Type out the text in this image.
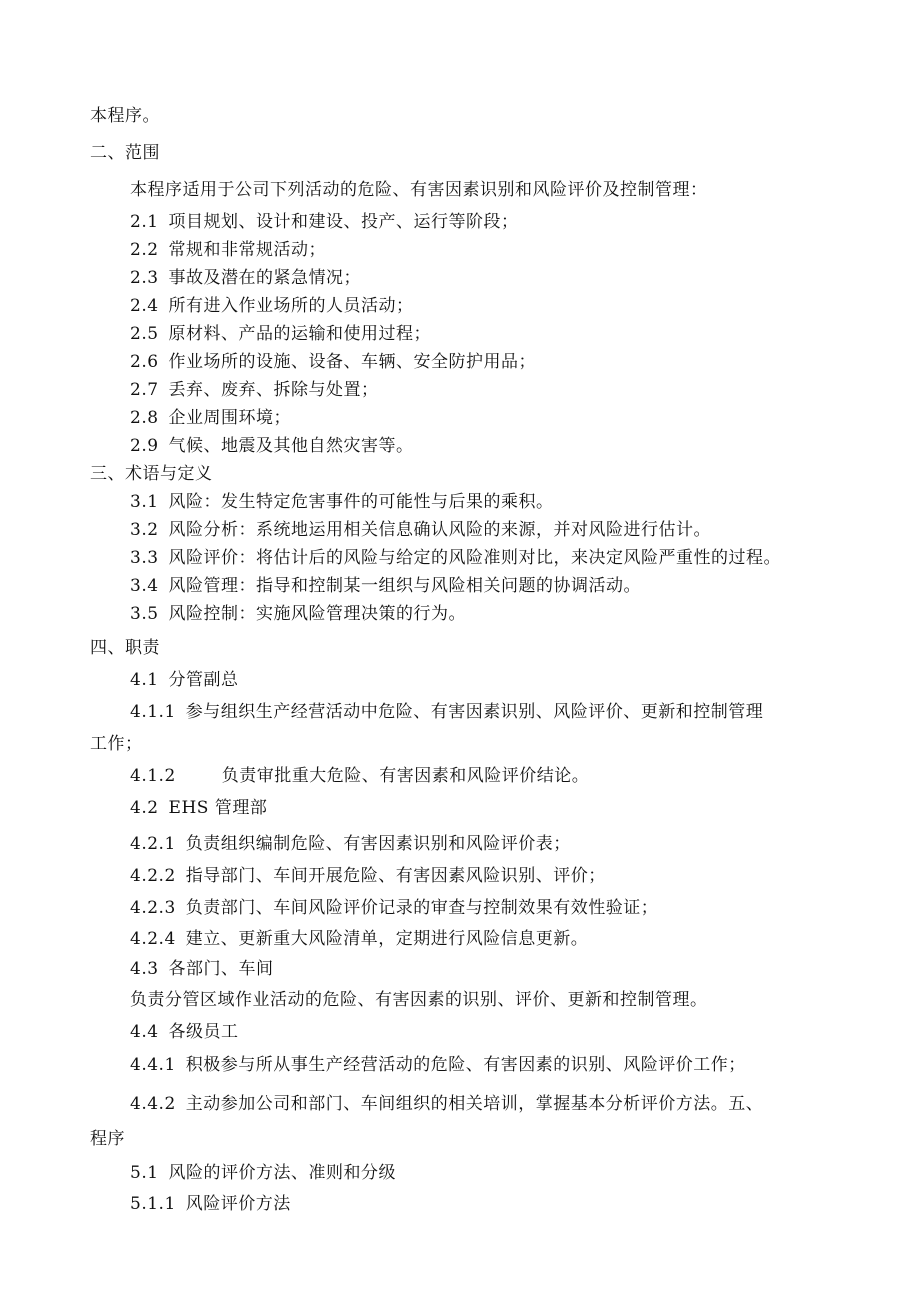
本程序。
二、范围
本程序适用于公司下列活动的危险、有害因素识别和风险评价及控制管理：
2.1 项目规划、设计和建设、投产、运行等阶段；
2.2 常规和非常规活动；
2.3 事故及潜在的紧急情况；
2.4 所有进入作业场所的人员活动；
2.5 原材料、产品的运输和使用过程；
2.6 作业场所的设施、设备、车辆、安全防护用品；
2.7 丢弃、废弃、拆除与处置；
2.8 企业周围环境；
2.9 气候、地震及其他自然灾害等。
三、术语与定义
3.1 风险：发生特定危害事件的可能性与后果的乘积。
3.2 风险分析：系统地运用相关信息确认风险的来源，并对风险进行估计。
3.3 风险评价：将估计后的风险与给定的风险准则对比，来决定风险严重性的过程。
3.4 风险管理：指导和控制某一组织与风险相关问题的协调活动。
3.5 风险控制：实施风险管理决策的行为。
四、职责
4.1 分管副总
4.1.1 参与组织生产经营活动中危险、有害因素识别、风险评价、更新和控制管理
工作；
4.1.2	负责审批重大危险、有害因素和风险评价结论。
4.2 EHS 管理部
4.2.1 负责组织编制危险、有害因素识别和风险评价表；
4.2.2 指导部门、车间开展危险、有害因素风险识别、评价；
4.2.3 负责部门、车间风险评价记录的审查与控制效果有效性验证；
4.2.4 建立、更新重大风险清单，定期进行风险信息更新。
4.3 各部门、车间
负责分管区域作业活动的危险、有害因素的识别、评价、更新和控制管理。
4.4 各级员工
4.4.1 积极参与所从事生产经营活动的危险、有害因素的识别、风险评价工作；
4.4.2 主动参加公司和部门、车间组织的相关培训，掌握基本分析评价方法。五、
程序
5.1 风险的评价方法、准则和分级
5.1.1 风险评价方法
